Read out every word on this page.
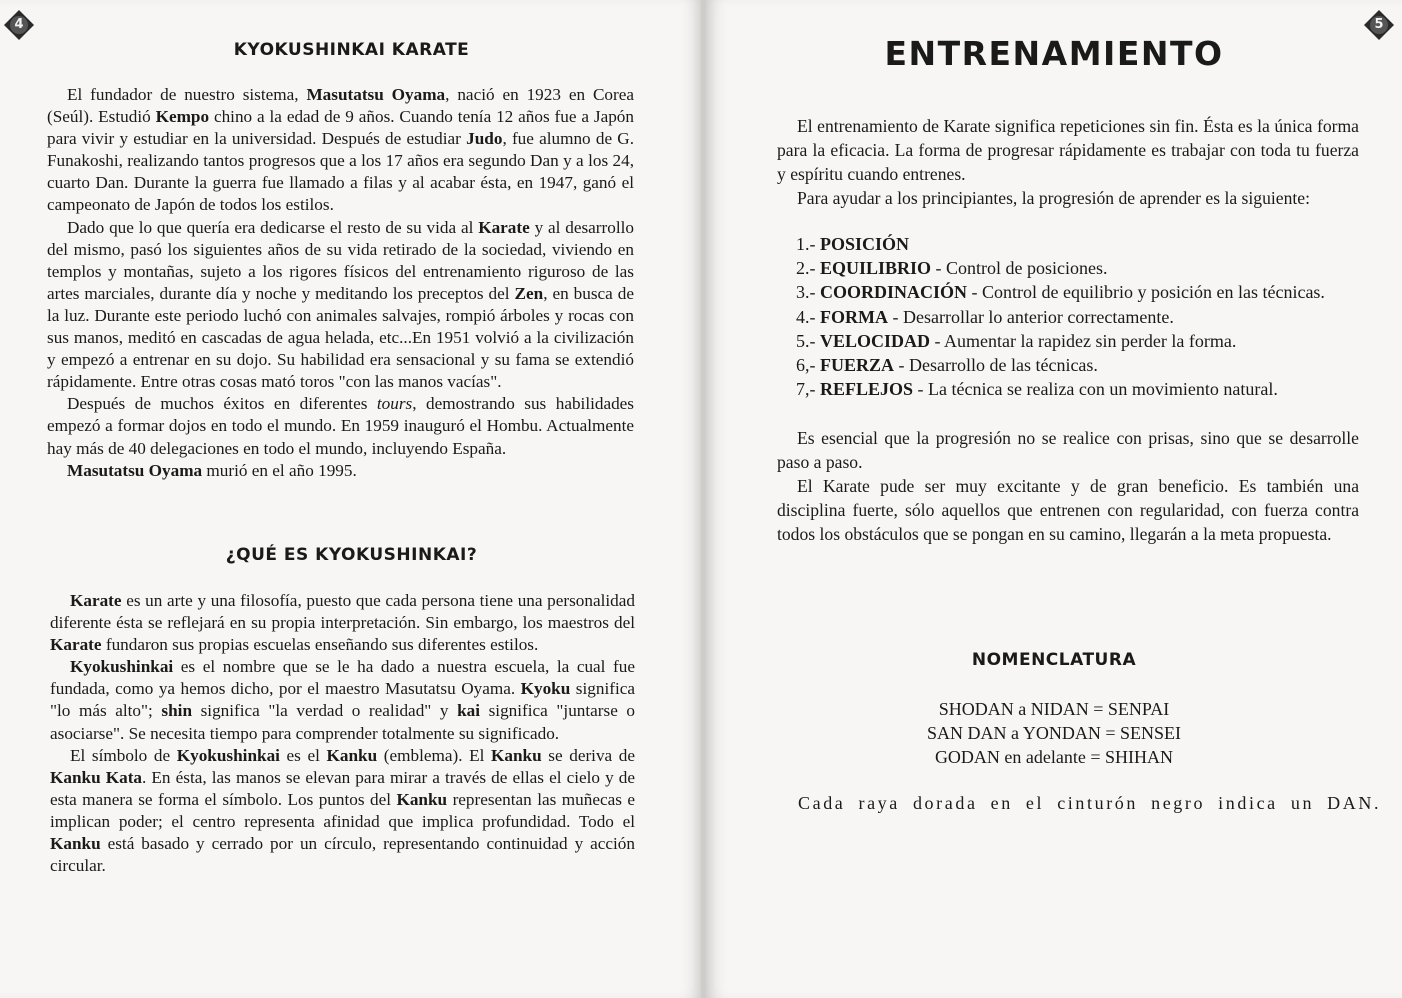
4
KYOKUSHINKAI KARATE

El fundador de nuestro sistema, Masutatsu Oyama, nació en 1923 en Corea (Seúl). Estudió Kempo chino a la edad de 9 años. Cuando tenía 12 años fue a Japón para vivir y estudiar en la universidad. Después de estudiar Judo, fue alumno de G. Funakoshi, realizando tantos progresos que a los 17 años era segundo Dan y a los 24, cuarto Dan. Durante la guerra fue llamado a filas y al acabar ésta, en 1947, ganó el campeonato de Japón de todos los estilos.

Dado que lo que quería era dedicarse el resto de su vida al Karate y al desarrollo del mismo, pasó los siguientes años de su vida retirado de la sociedad, viviendo en templos y montañas, sujeto a los rigores físicos del entrenamiento riguroso de las artes marciales, durante día y noche y meditando los preceptos del Zen, en busca de la luz. Durante este periodo luchó con animales salvajes, rompió árboles y rocas con sus manos, meditó en cascadas de agua helada, etc...En 1951 volvió a la civilización y empezó a entrenar en su dojo. Su habilidad era sensacional y su fama se extendió rápidamente. Entre otras cosas mató toros "con las manos vacías".

Después de muchos éxitos en diferentes tours, demostrando sus habilidades empezó a formar dojos en todo el mundo. En 1959 inauguró el Hombu. Actualmente hay más de 40 delegaciones en todo el mundo, incluyendo España.

Masutatsu Oyama murió en el año 1995.

¿QUÉ ES KYOKUSHINKAI?

Karate es un arte y una filosofía, puesto que cada persona tiene una personalidad diferente ésta se reflejará en su propia interpretación. Sin embargo, los maestros del Karate fundaron sus propias escuelas enseñando sus diferentes estilos.

Kyokushinkai es el nombre que se le ha dado a nuestra escuela, la cual fue fundada, como ya hemos dicho, por el maestro Masutatsu Oyama. Kyoku significa "lo más alto"; shin significa "la verdad o realidad" y kai significa "juntarse o asociarse". Se necesita tiempo para comprender totalmente su significado.

El símbolo de Kyokushinkai es el Kanku (emblema). El Kanku se deriva de Kanku Kata. En ésta, las manos se elevan para mirar a través de ellas el cielo y de esta manera se forma el símbolo. Los puntos del Kanku representan las muñecas e implican poder; el centro representa afinidad que implica profundidad. Todo el Kanku está basado y cerrado por un círculo, representando continuidad y acción circular.

5
ENTRENAMIENTO

El entrenamiento de Karate significa repeticiones sin fin. Ésta es la única forma para la eficacia. La forma de progresar rápidamente es trabajar con toda tu fuerza y espíritu cuando entrenes.

Para ayudar a los principiantes, la progresión de aprender es la siguiente:

1.- POSICIÓN
2.- EQUILIBRIO - Control de posiciones.
3.- COORDINACIÓN - Control de equilibrio y posición en las técnicas.
4.- FORMA - Desarrollar lo anterior correctamente.
5.- VELOCIDAD - Aumentar la rapidez sin perder la forma.
6,- FUERZA - Desarrollo de las técnicas.
7,- REFLEJOS - La técnica se realiza con un movimiento natural.

Es esencial que la progresión no se realice con prisas, sino que se desarrolle paso a paso.

El Karate pude ser muy excitante y de gran beneficio. Es también una disciplina fuerte, sólo aquellos que entrenen con regularidad, con fuerza contra todos los obstáculos que se pongan en su camino, llegarán a la meta propuesta.

NOMENCLATURA
SHODAN a NIDAN = SENPAI
SAN DAN a YONDAN = SENSEI
GODAN en adelante = SHIHAN
Cada raya dorada en el cinturón negro indica un DAN.
